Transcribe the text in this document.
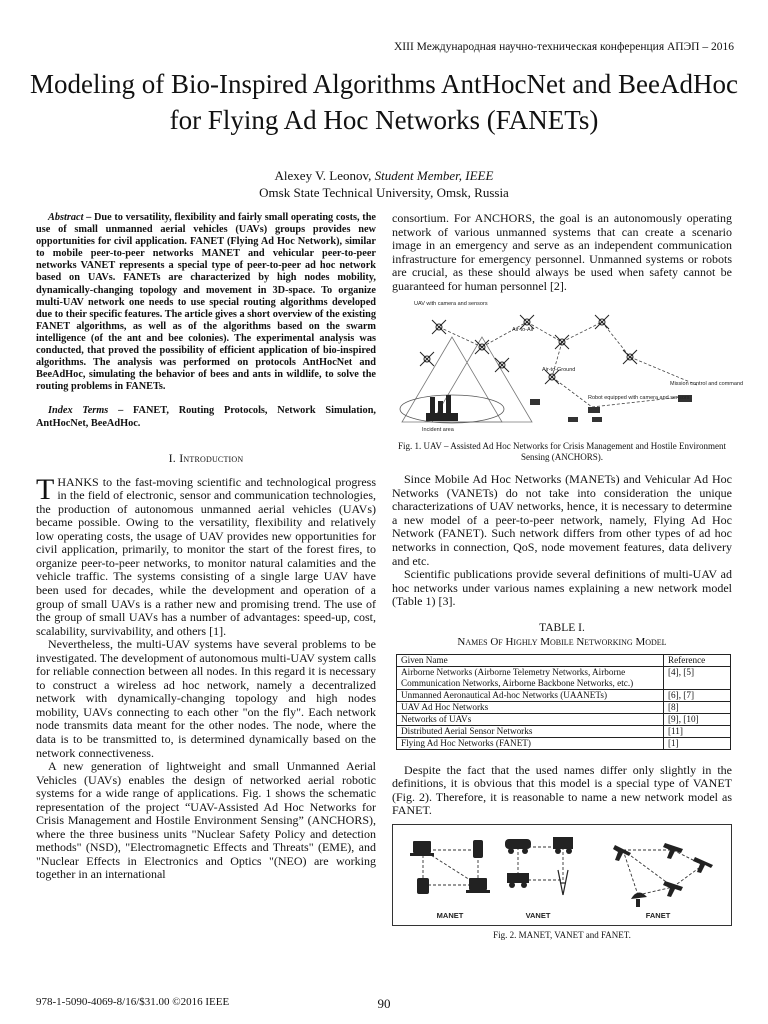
XIII Международная научно-техническая конференция АПЭП – 2016
Modeling of Bio-Inspired Algorithms AntHocNet and BeeAdHoc for Flying Ad Hoc Networks (FANETs)
Alexey V. Leonov, Student Member, IEEE
Omsk State Technical University, Omsk, Russia

Abstract – Due to versatility, flexibility and fairly small operating costs, the use of small unmanned aerial vehicles (UAVs) groups provides new opportunities for civil application. FANET (Flying Ad Hoc Network), similar to mobile peer-to-peer networks MANET and vehicular peer-to-peer networks VANET represents a special type of peer-to-peer ad hoc network based on UAVs. FANETs are characterized by high nodes mobility, dynamically-changing topology and movement in 3D-space. To organize multi-UAV network one needs to use special routing algorithms developed due to their specific features. The article gives a short overview of the existing FANET algorithms, as well as of the algorithms based on the swarm intelligence (of the ant and bee colonies). The experimental analysis was conducted, that proved the possibility of efficient application of bio-inspired algorithms. The analysis was performed on protocols AntHocNet and BeeAdHoc, simulating the behavior of bees and ants in wildlife, to solve the routing problems in FANETs.

Index Terms – FANET, Routing Protocols, Network Simulation, AntHocNet, BeeAdHoc.

I. Introduction

THANKS to the fast-moving scientific and technological progress in the field of electronic, sensor and communication technologies, the production of autonomous unmanned aerial vehicles (UAVs) became possible. Owing to the versatility, flexibility and relatively low operating costs, the usage of UAV provides new opportunities for civil application, primarily, to monitor the start of the forest fires, to organize peer-to-peer networks, to monitor natural calamities and the vehicle traffic. The systems consisting of a single large UAV have been used for decades, while the development and operation of a group of small UAVs is a rather new and promising trend. The use of the group of small UAVs has a number of advantages: speed-up, cost, scalability, survivability, and others [1].

Nevertheless, the multi-UAV systems have several problems to be investigated. The development of autonomous multi-UAV system calls for reliable connection between all nodes. In this regard it is necessary to construct a wireless ad hoc network, namely a decentralized network with dynamically-changing topology and high nodes mobility, UAVs connecting to each other "on the fly". Each network node transmits data meant for the other nodes. The node, where the data is to be transmitted to, is determined dynamically based on the network connectiveness.

A new generation of lightweight and small Unmanned Aerial Vehicles (UAVs) enables the design of networked aerial robotic systems for a wide range of applications. Fig. 1 shows the schematic representation of the project “UAV-Assisted Ad Hoc Networks for Crisis Management and Hostile Environment Sensing” (ANCHORS), where the three business units "Nuclear Safety Policy and detection methods" (NSD), "Electromagnetic Effects and Threats" (EME), and "Nuclear Effects in Electronics and Optics "(NEO) are working together in an international

consortium. For ANCHORS, the goal is an autonomously operating network of various unmanned systems that can create a scenario image in an emergency and serve as an independent communication infrastructure for emergency personnel. Unmanned systems or robots are crucial, as these should always be used when safety cannot be guaranteed for human personnel [2].

UAV with camera and sensors
Air-to-Air
Air-to-Ground
Mission control and command
Robot equipped with camera and sensors
Incident area
Fig. 1. UAV – Assisted Ad Hoc Networks for Crisis Management and Hostile Environment Sensing (ANCHORS).

Since Mobile Ad Hoc Networks (MANETs) and Vehicular Ad Hoc Networks (VANETs) do not take into consideration the unique characterizations of UAV networks, hence, it is necessary to determine a new model of a peer-to-peer network, namely, Flying Ad Hoc Network (FANET). Such network differs from other types of ad hoc networks in connection, QoS, node movement features, data delivery and etc.

Scientific publications provide several definitions of multi-UAV ad hoc networks under various names explaining a new network model (Table 1) [3].

TABLE I.
Names Of Highly Mobile Networking Model
Given Name	Reference
Airborne Networks (Airborne Telemetry Networks, Airborne Communication Networks, Airborne Backbone Networks, etc.)	[4], [5]
Unmanned Aeronautical Ad-hoc Networks (UAANETs)	[6], [7]
UAV Ad Hoc Networks	[8]
Networks of UAVs	[9], [10]
Distributed Aerial Sensor Networks	[11]
Flying Ad Hoc Networks (FANET)	[1]

Despite the fact that the used names differ only slightly in the definitions, it is obvious that this model is a special type of VANET (Fig. 2). Therefore, it is reasonable to name a new network model as FANET.

MANET	VANET	FANET
Fig. 2. MANET, VANET and FANET.
978-1-5090-4069-8/16/$31.00 ©2016 IEEE	90
